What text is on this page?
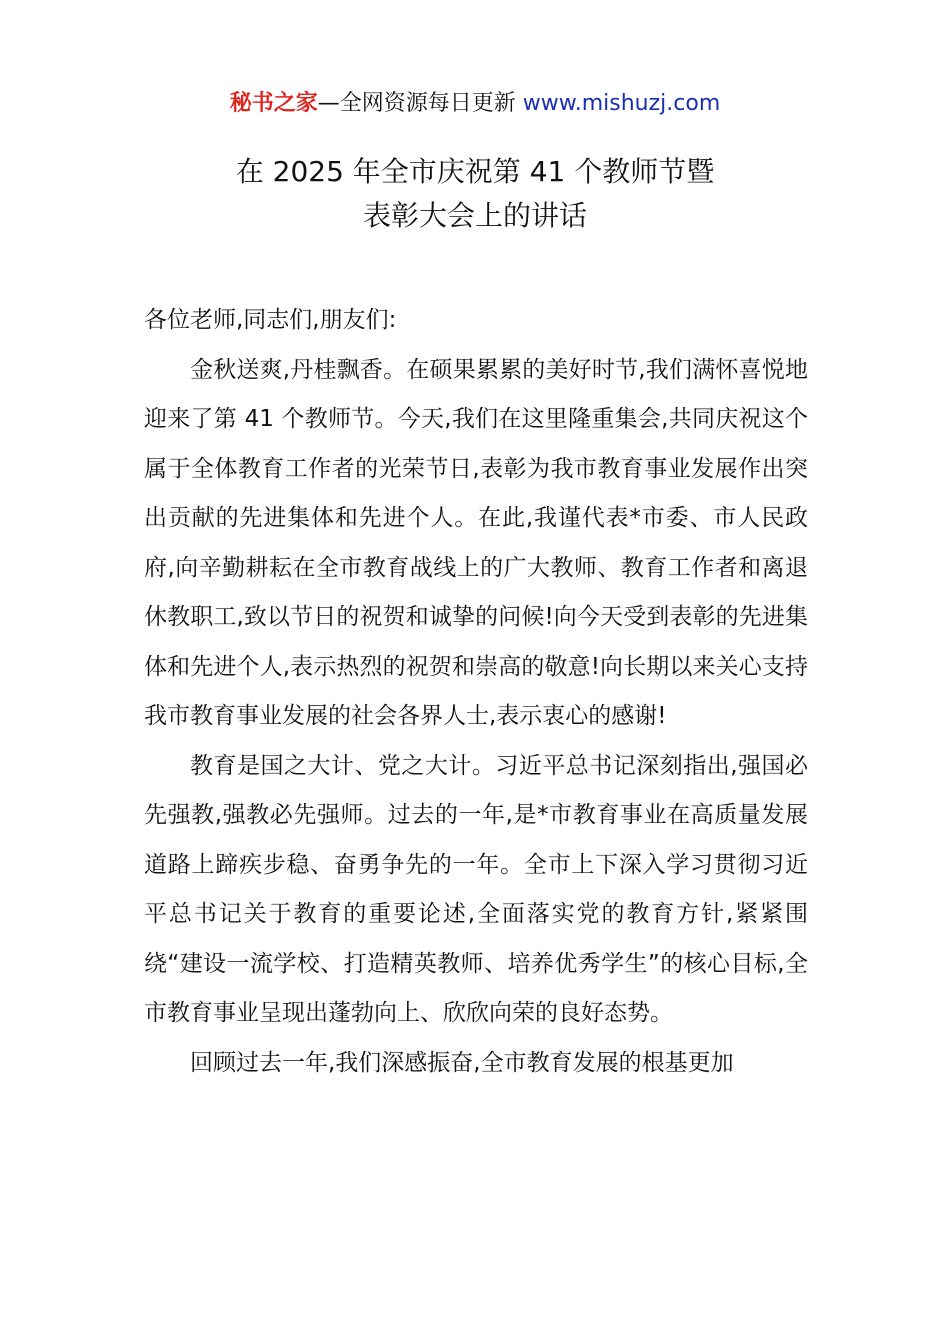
秘书之家—全网资源每日更新 www.mishuzj.com
在 2025 年全市庆祝第 41 个教师节暨
表彰大会上的讲话

各位老师,同志们,朋友们:

金秋送爽,丹桂飘香。在硕果累累的美好时节,我们满怀喜悦地迎来了第 41 个教师节。今天,我们在这里隆重集会,共同庆祝这个属于全体教育工作者的光荣节日,表彰为我市教育事业发展作出突出贡献的先进集体和先进个人。在此,我谨代表*市委、市人民政府,向辛勤耕耘在全市教育战线上的广大教师、教育工作者和离退休教职工,致以节日的祝贺和诚挚的问候!向今天受到表彰的先进集体和先进个人,表示热烈的祝贺和崇高的敬意!向长期以来关心支持我市教育事业发展的社会各界人士,表示衷心的感谢!

教育是国之大计、党之大计。习近平总书记深刻指出,强国必先强教,强教必先强师。过去的一年,是*市教育事业在高质量发展道路上蹄疾步稳、奋勇争先的一年。全市上下深入学习贯彻习近平总书记关于教育的重要论述,全面落实党的教育方针,紧紧围绕“建设一流学校、打造精英教师、培养优秀学生”的核心目标,全市教育事业呈现出蓬勃向上、欣欣向荣的良好态势。

回顾过去一年,我们深感振奋,全市教育发展的根基更加
